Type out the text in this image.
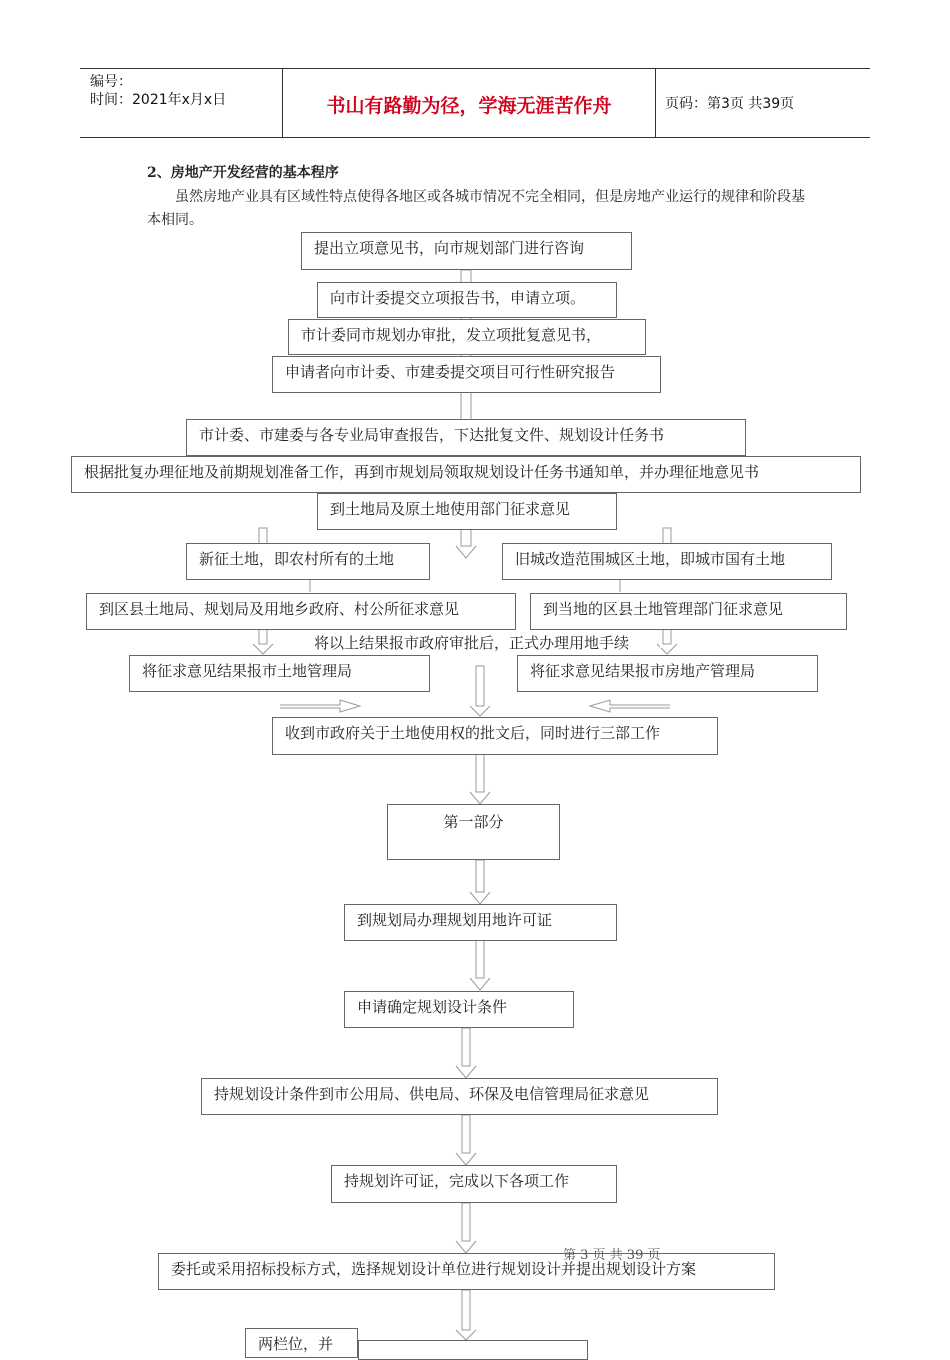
编号：
时间：2021年x月x日	书山有路勤为径，学海无涯苦作舟	页码：第3页 共39页
2、房地产开发经营的基本程序
虽然房地产业具有区域性特点使得各地区或各城市情况不完全相同，但是房地产业运行的规律和阶段基本相同。
提出立项意见书，向市规划部门进行咨询
向市计委提交立项报告书，申请立项。
市计委同市规划办审批，发立项批复意见书，
申请者向市计委、市建委提交项目可行性研究报告
市计委、市建委与各专业局审查报告，下达批复文件、规划设计任务书
根据批复办理征地及前期规划准备工作，再到市规划局领取规划设计任务书通知单，并办理征地意见书
到土地局及原土地使用部门征求意见
新征土地，即农村所有的土地	旧城改造范围城区土地，即城市国有土地
到区县土地局、规划局及用地乡政府、村公所征求意见	到当地的区县土地管理部门征求意见
将以上结果报市政府审批后，正式办理用地手续
将征求意见结果报市土地管理局	将征求意见结果报市房地产管理局
收到市政府关于土地使用权的批文后，同时进行三部工作
第一部分
到规划局办理规划用地许可证
申请确定规划设计条件
持规划设计条件到市公用局、供电局、环保及电信管理局征求意见
持规划许可证，完成以下各项工作
委托或采用招标投标方式，选择规划设计单位进行规划设计并提出规划设计方案
两栏位，并
